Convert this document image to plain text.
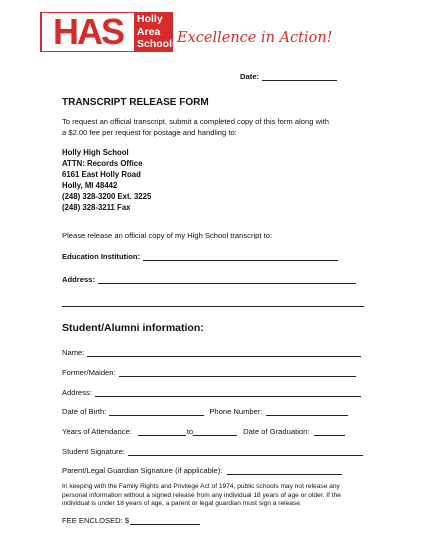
HAS	Holly
Area
Schools Excellence in Action!
Date:
TRANSCRIPT RELEASE FORM
To request an official transcript, submit a completed copy of this form along with
a $2.00 fee per request for postage and handling to:
Holly High School
ATTN: Records Office
6161 East Holly Road
Holly, MI 48442
(248) 328-3200 Ext. 3225
(248) 328-3211 Fax
Please release an official copy of my High School transcript to:
Education Institution:
Address:
Student/Alumni information:
Name:
Former/Maiden:
Address:
Date of Birth:	Phone Number:
Years of Attendance:	to	Date of Graduation:
Student Signature:
Parent/Legal Guardian Signature (if applicable):
In keeping with the Family Rights and Privilege Act of 1974, public schools may not release any
personal information without a signed release from any individual 18 years of age or older. If the
individual is under 18 years of age, a parent or legal guardian must sign a release.
FEE ENCLOSED: $
